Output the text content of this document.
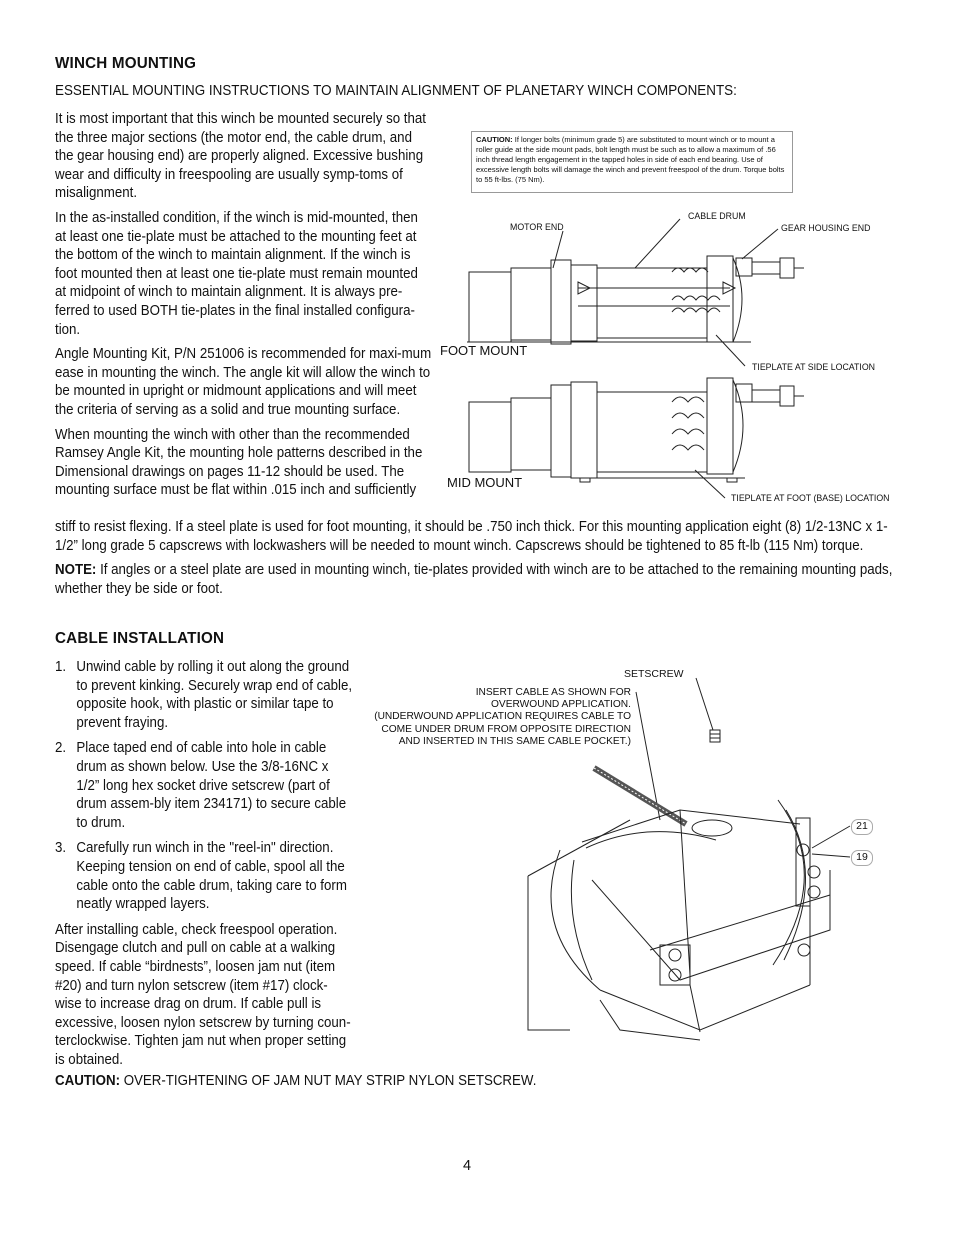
WINCH MOUNTING
ESSENTIAL MOUNTING INSTRUCTIONS TO MAINTAIN ALIGNMENT OF PLANETARY WINCH COMPONENTS:

It is most important that this winch be mounted securely so that the three major sections (the motor end, the cable drum, and the gear housing end) are properly aligned. Excessive bushing wear and difficulty in freespooling are usually symp-toms of misalignment.

In the as-installed condition, if the winch is mid-mounted, then at least one tie-plate must be attached to the mounting feet at the bottom of the winch to maintain alignment. If the winch is foot mounted then at least one tie-plate must remain mounted at midpoint of winch to maintain alignment. It is always pre-ferred to used BOTH tie-plates in the final installed configura-tion.

Angle Mounting Kit, P/N 251006 is recommended for maxi-mum ease in mounting the winch. The angle kit will allow the winch to be mounted in upright or midmount applications and will meet the criteria of serving as a solid and true mounting surface.

When mounting the winch with other than the recommended Ramsey Angle Kit, the mounting hole patterns described in the Dimensional drawings on pages 11-12 should be used. The mounting surface must be flat within .015 inch and sufficiently

stiff to resist flexing. If a steel plate is used for foot mounting, it should be .750 inch thick. For this mounting application eight (8) 1/2-13NC x 1-1/2” long grade 5 capscrews with lockwashers will be needed to mount winch. Capscrews should be tightened to 85 ft-lb (115 Nm) torque.

NOTE: If angles or a steel plate are used in mounting winch, tie-plates provided with winch are to be attached to the remaining mounting pads, whether they be side or foot.

CAUTION: If longer bolts (minimum grade 5) are substituted to mount winch or to mount a roller guide at the side mount pads, bolt length must be such as to allow a maximum of .56 inch thread length engagement in the tapped holes in side of each end bearing. Use of excessive length bolts will damage the winch and prevent freespool of the drum. Torque bolts to 55 ft-lbs. (75 Nm).
MOTOR END
CABLE DRUM
GEAR HOUSING END
FOOT MOUNT
TIEPLATE AT SIDE LOCATION
MID MOUNT
TIEPLATE AT FOOT (BASE) LOCATION
CABLE INSTALLATION
1. Unwind cable by rolling it out along the ground to prevent kinking. Securely wrap end of cable, opposite hook, with plastic or similar tape to prevent fraying.
2. Place taped end of cable into hole in cable drum as shown below. Use the 3/8-16NC x 1/2” long hex socket drive setscrew (part of drum assem-bly item 234171) to secure cable to drum.
3. Carefully run winch in the "reel-in" direction. Keeping tension on end of cable, spool all the cable onto the cable drum, taking care to form neatly wrapped layers.

After installing cable, check freespool operation. Disengage clutch and pull on cable at a walking speed. If cable “birdnests”, loosen jam nut (item #20) and turn nylon setscrew (item #17) clock-wise to increase drag on drum. If cable pull is excessive, loosen nylon setscrew by turning coun-terclockwise. Tighten jam nut when proper setting is obtained.

CAUTION: OVER-TIGHTENING OF JAM NUT MAY STRIP NYLON SETSCREW.
SETSCREW
INSERT CABLE AS SHOWN FOR
OVERWOUND APPLICATION.
(UNDERWOUND APPLICATION REQUIRES CABLE TO
COME UNDER DRUM FROM OPPOSITE DIRECTION
AND INSERTED IN THIS SAME CABLE POCKET.)
21
19
4
